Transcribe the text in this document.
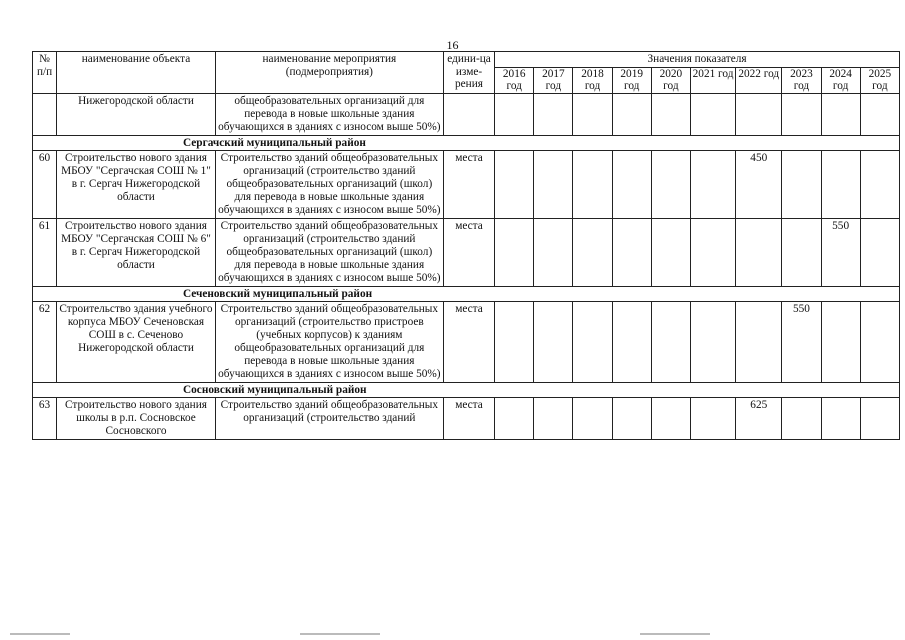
16
№ п/п	наименование объекта	наименование мероприятия (подмероприятия)	едини-ца изме-рения	Значения показателя									
				2016 год	2017 год	2018 год	2019 год	2020 год	2021 год	2022 год	2023 год	2024 год	2025 год
	Нижегородской области	общеобразовательных организаций для перевода в новые школьные здания обучающихся в зданиях с износом выше 50%)											
Сергачский муниципальный район													
60	Строительство нового здания МБОУ "Сергачская СОШ № 1" в г. Сергач Нижегородской области	Строительство зданий общеобразовательных организаций (строительство зданий общеобразовательных организаций (школ) для перевода в новые школьные здания обучающихся в зданиях с износом выше 50%)	места							450			
61	Строительство нового здания МБОУ "Сергачская СОШ № 6" в г. Сергач Нижегородской области	Строительство зданий общеобразовательных организаций (строительство зданий общеобразовательных организаций (школ) для перевода в новые школьные здания обучающихся в зданиях с износом выше 50%)	места									550	
Сеченовский муниципальный район													
62	Строительство здания учебного корпуса МБОУ Сеченовская СОШ в с. Сеченово Нижегородской области	Строительство зданий общеобразовательных организаций (строительство пристроев (учебных корпусов) к зданиям общеобразовательных организаций для перевода в новые школьные здания обучающихся в зданиях с износом выше 50%)	места								550		
Сосновский муниципальный район													
63	Строительство нового здания школы в р.п. Сосновское Сосновского	Строительство зданий общеобразовательных организаций (строительство зданий	места							625			
